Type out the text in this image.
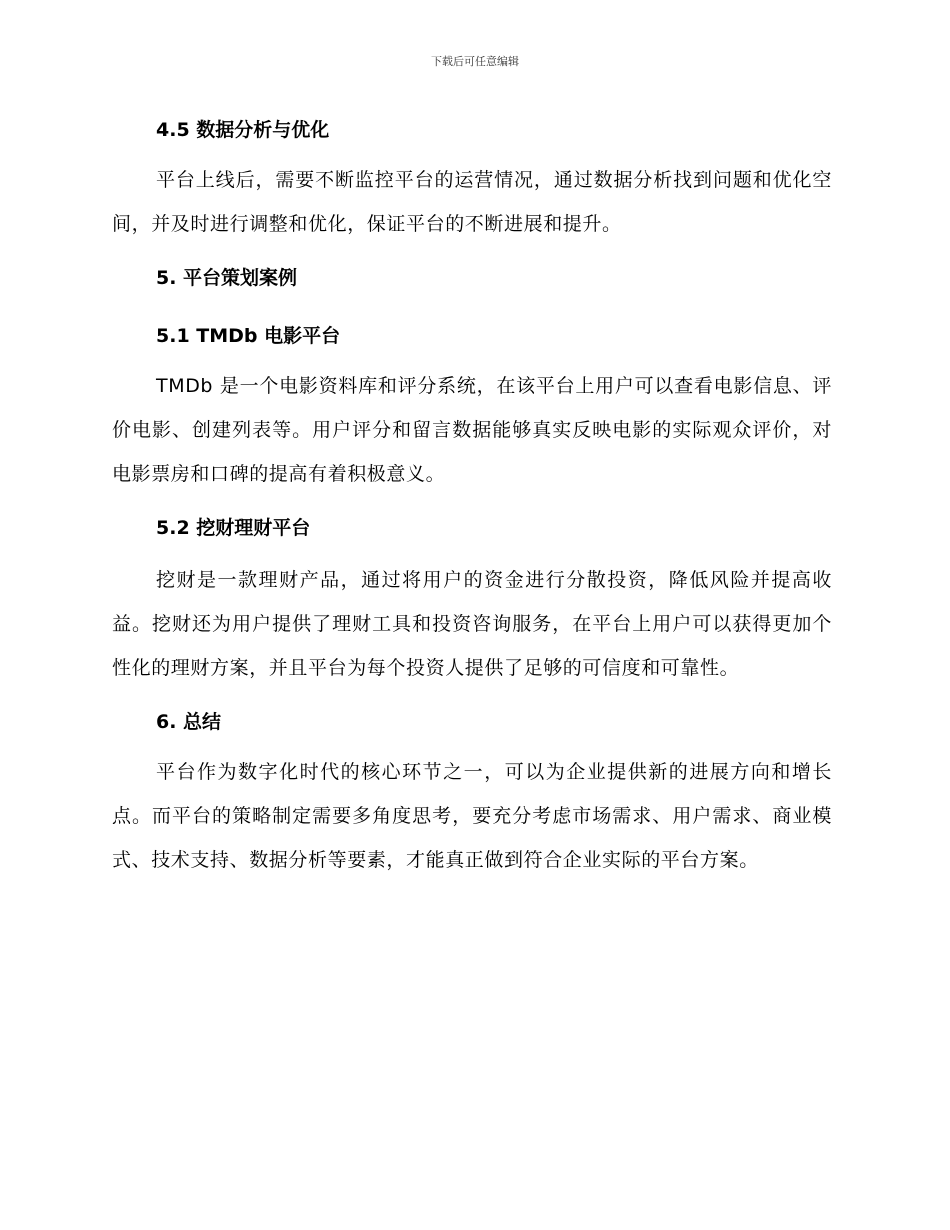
下载后可任意编辑
4.5 数据分析与优化

平台上线后，需要不断监控平台的运营情况，通过数据分析找到问题和优化空间，并及时进行调整和优化，保证平台的不断进展和提升。

5. 平台策划案例
5.1 TMDb 电影平台

TMDb 是一个电影资料库和评分系统，在该平台上用户可以查看电影信息、评价电影、创建列表等。用户评分和留言数据能够真实反映电影的实际观众评价，对电影票房和口碑的提高有着积极意义。

5.2 挖财理财平台

挖财是一款理财产品，通过将用户的资金进行分散投资，降低风险并提高收益。挖财还为用户提供了理财工具和投资咨询服务，在平台上用户可以获得更加个性化的理财方案，并且平台为每个投资人提供了足够的可信度和可靠性。

6. 总结

平台作为数字化时代的核心环节之一，可以为企业提供新的进展方向和增长点。而平台的策略制定需要多角度思考，要充分考虑市场需求、用户需求、商业模式、技术支持、数据分析等要素，才能真正做到符合企业实际的平台方案。
